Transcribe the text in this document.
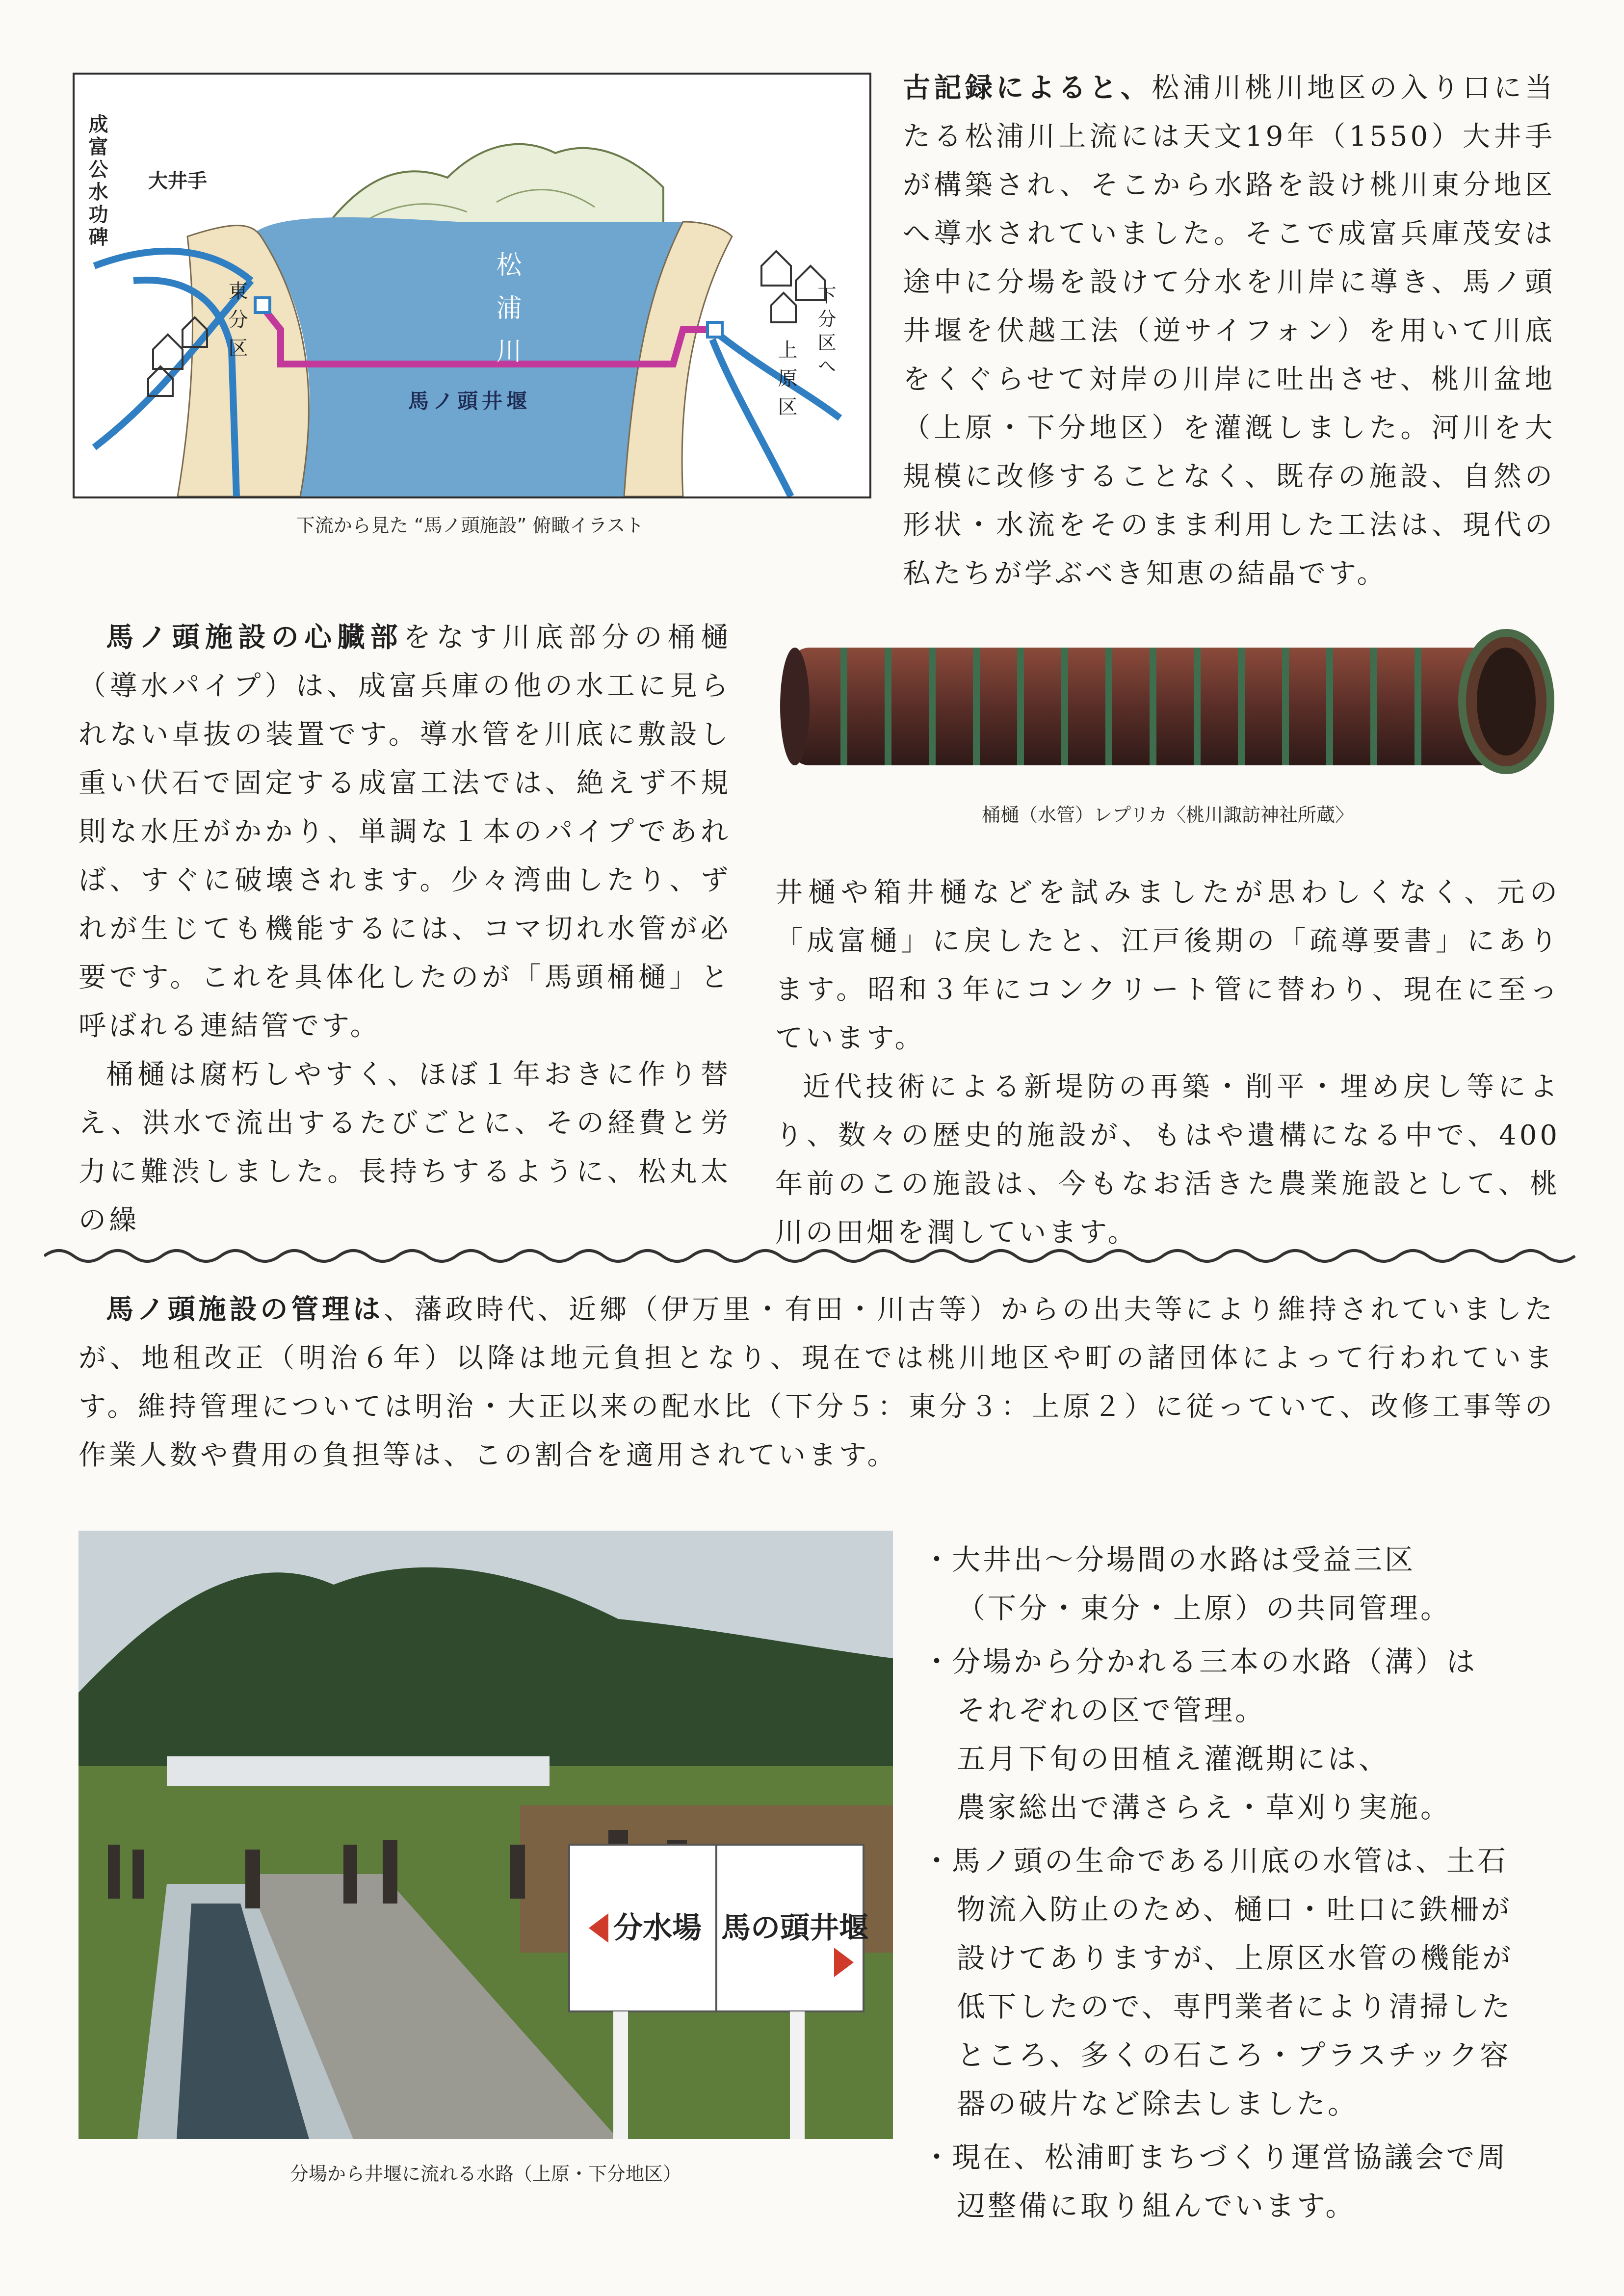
成富公水功碑 大井手
東分区	松浦川
馬ノ頭井堰
下分区へ
上原区
下流から見た “馬ノ頭施設” 俯瞰イラスト
古記録によると、松浦川桃川地区の入り口に当たる松浦川上流には天文19年（1550）大井手が構築され、そこから水路を設け桃川東分地区へ導水されていました。そこで成富兵庫茂安は途中に分場を設けて分水を川岸に導き、馬ノ頭井堰を伏越工法（逆サイフォン）を用いて川底をくぐらせて対岸の川岸に吐出させ、桃川盆地（上原・下分地区）を灌漑しました。河川を大規模に改修することなく、既存の施設、自然の形状・水流をそのまま利用した工法は、現代の私たちが学ぶべき知恵の結晶です。
馬ノ頭施設の心臓部をなす川底部分の桶樋（導水パイプ）は、成富兵庫の他の水工に見られない卓抜の装置です。導水管を川底に敷設し重い伏石で固定する成富工法では、絶えず不規則な水圧がかかり、単調な１本のパイプであれば、すぐに破壊されます。少々湾曲したり、ずれが生じても機能するには、コマ切れ水管が必要です。これを具体化したのが「馬頭桶樋」と呼ばれる連結管です。
桶樋は腐朽しやすく、ほぼ１年おきに作り替え、洪水で流出するたびごとに、その経費と労力に難渋しました。長持ちするように、松丸太の繰
桶樋（水管）レプリカ〈桃川諏訪神社所蔵〉
井樋や箱井樋などを試みましたが思わしくなく、元の「成富樋」に戻したと、江戸後期の「疏導要書」にあります。昭和３年にコンクリート管に替わり、現在に至っています。
近代技術による新堤防の再築・削平・埋め戻し等により、数々の歴史的施設が、もはや遺構になる中で、400年前のこの施設は、今もなお活きた農業施設として、桃川の田畑を潤しています。
馬ノ頭施設の管理は、藩政時代、近郷（伊万里・有田・川古等）からの出夫等により維持されていましたが、地租改正（明治６年）以降は地元負担となり、現在では桃川地区や町の諸団体によって行われています。維持管理については明治・大正以来の配水比（下分５：東分３：上原２）に従っていて、改修工事等の作業人数や費用の負担等は、この割合を適用されています。
分水場 馬の頭井堰
分場から井堰に流れる水路（上原・下分地区）
・大井出～分場間の水路は受益三区
（下分・東分・上原）の共同管理。
・分場から分かれる三本の水路（溝）は
それぞれの区で管理。
五月下旬の田植え灌漑期には、
農家総出で溝さらえ・草刈り実施。
・馬ノ頭の生命である川底の水管は、土石
物流入防止のため、樋口・吐口に鉄柵が
設けてありますが、上原区水管の機能が
低下したので、専門業者により清掃した
ところ、多くの石ころ・プラスチック容
器の破片など除去しました。
・現在、松浦町まちづくり運営協議会で周
辺整備に取り組んでいます。
